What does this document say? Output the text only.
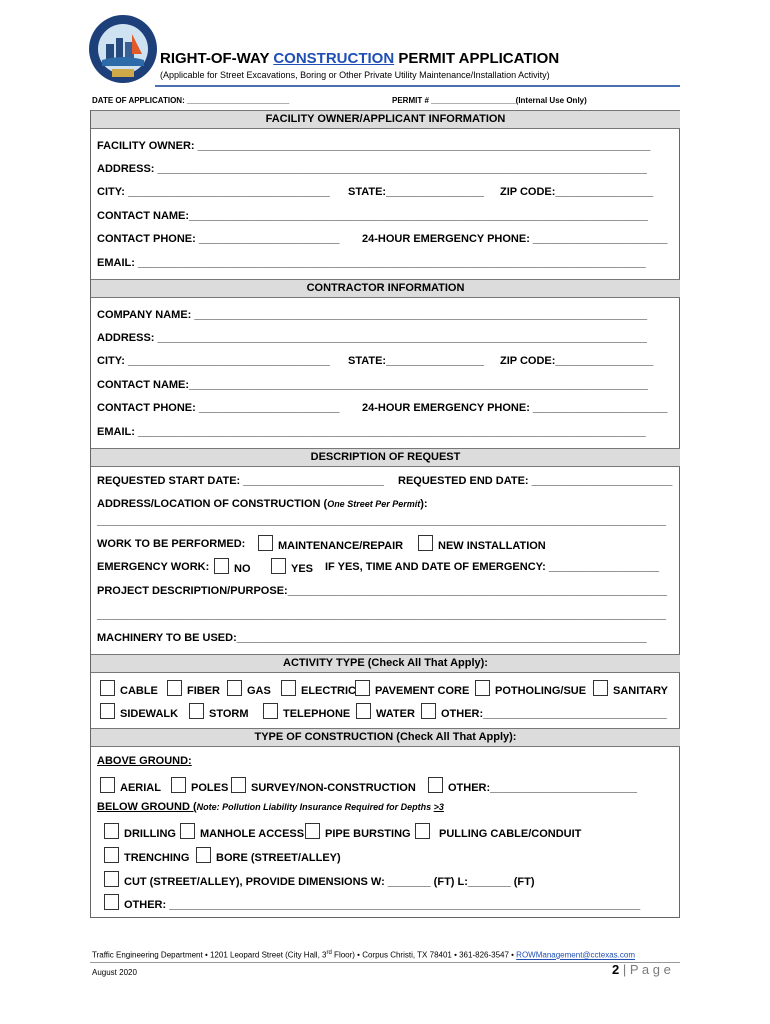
RIGHT-OF-WAY CONSTRUCTION PERMIT APPLICATION
(Applicable for Street Excavations, Boring or Other Private Utility Maintenance/Installation Activity)
DATE OF APPLICATION: _______________________	PERMIT # ___________________(Internal Use Only)
FACILITY OWNER/APPLICANT INFORMATION
FACILITY OWNER: __________________________________________________________________________
ADDRESS: ________________________________________________________________________________
CITY: _________________________________ STATE:________________ ZIP CODE:________________
CONTACT NAME:___________________________________________________________________________
CONTACT PHONE: _______________________ 24-HOUR EMERGENCY PHONE: ______________________
EMAIL: ___________________________________________________________________________________
CONTRACTOR INFORMATION
COMPANY NAME: __________________________________________________________________________
ADDRESS: ________________________________________________________________________________
CITY: _________________________________ STATE:________________ ZIP CODE:________________
CONTACT NAME:___________________________________________________________________________
CONTACT PHONE: _______________________ 24-HOUR EMERGENCY PHONE: ______________________
EMAIL: ___________________________________________________________________________________
DESCRIPTION OF REQUEST
REQUESTED START DATE: _______________________ REQUESTED END DATE: _______________________
ADDRESS/LOCATION OF CONSTRUCTION (One Street Per Permit):
_____________________________________________________________________________________________
WORK TO BE PERFORMED:	MAINTENANCE/REPAIR	NEW INSTALLATION
EMERGENCY WORK:	NO	YES IF YES, TIME AND DATE OF EMERGENCY: __________________
PROJECT DESCRIPTION/PURPOSE:______________________________________________________________
_____________________________________________________________________________________________
MACHINERY TO BE USED:___________________________________________________________________
ACTIVITY TYPE (Check All That Apply):
CABLE	FIBER	GAS	ELECTRIC	PAVEMENT CORE	POTHOLING/SUE	SANITARY
SIDEWALK	STORM	TELEPHONE	WATER	OTHER:______________________________
TYPE OF CONSTRUCTION (Check All That Apply):
ABOVE GROUND:
AERIAL	POLES	SURVEY/NON-CONSTRUCTION	OTHER:________________________
BELOW GROUND (Note: Pollution Liability Insurance Required for Depths >3
DRILLING	MANHOLE ACCESS	PIPE BURSTING	PULLING CABLE/CONDUIT
TRENCHING	BORE (STREET/ALLEY)
CUT (STREET/ALLEY), PROVIDE DIMENSIONS W: _______ (FT) L:_______ (FT)
OTHER: _____________________________________________________________________________
Traffic Engineering Department • 1201 Leopard Street (City Hall, 3rd Floor) • Corpus Christi, TX 78401 • 361-826-3547 • ROWManagement@cctexas.com
August 2020	2 | P a g e
